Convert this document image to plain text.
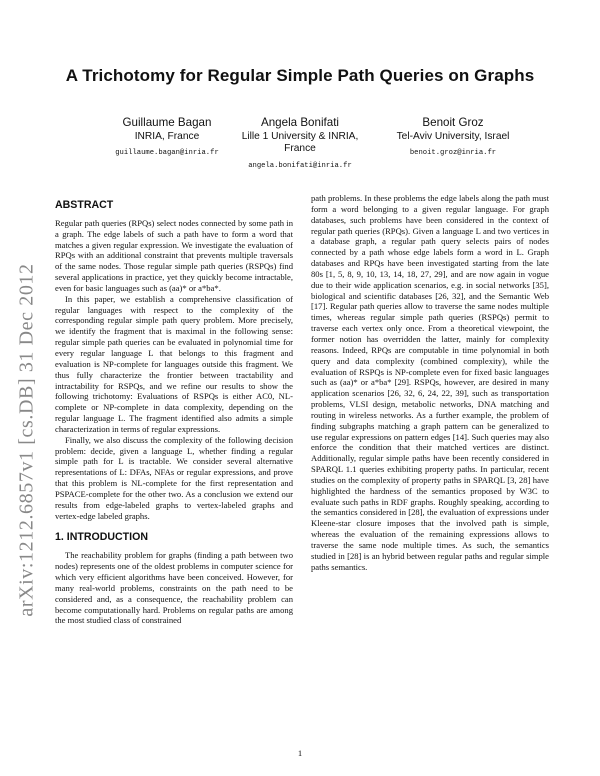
A Trichotomy for Regular Simple Path Queries on Graphs
Guillaume Bagan
INRIA, France
guillaume.bagan@inria.fr
Angela Bonifati
Lille 1 University & INRIA, France
angela.bonifati@inria.fr
Benoit Groz
Tel-Aviv University, Israel
benoit.groz@inria.fr
arXiv:1212.6857v1 [cs.DB] 31 Dec 2012
ABSTRACT

Regular path queries (RPQs) select nodes connected by some path in a graph. The edge labels of such a path have to form a word that matches a given regular expression. We investigate the evaluation of RPQs with an additional constraint that prevents multiple traversals of the same nodes. Those regular simple path queries (RSPQs) find several applications in practice, yet they quickly become intractable, even for basic languages such as (aa)* or a*ba*.

In this paper, we establish a comprehensive classification of regular languages with respect to the complexity of the corresponding regular simple path query problem. More precisely, we identify the fragment that is maximal in the following sense: regular simple path queries can be evaluated in polynomial time for every regular language L that belongs to this fragment and evaluation is NP-complete for languages outside this fragment. We thus fully characterize the frontier between tractability and intractability for RSPQs, and we refine our results to show the following trichotomy: Evaluations of RSPQs is either AC0, NL-complete or NP-complete in data complexity, depending on the regular language L. The fragment identified also admits a simple characterization in terms of regular expressions.

Finally, we also discuss the complexity of the following decision problem: decide, given a language L, whether finding a regular simple path for L is tractable. We consider several alternative representations of L: DFAs, NFAs or regular expressions, and prove that this problem is NL-complete for the first representation and PSPACE-complete for the other two. As a conclusion we extend our results from edge-labeled graphs to vertex-labeled graphs and vertex-edge labeled graphs.

1. INTRODUCTION

The reachability problem for graphs (finding a path between two nodes) represents one of the oldest problems in computer science for which very efficient algorithms have been conceived. However, for many real-world problems, constraints on the path need to be considered and, as a consequence, the reachability problem can become computationally hard. Problems on regular paths are among the most studied class of constrained

path problems. In these problems the edge labels along the path must form a word belonging to a given regular language. For graph databases, such problems have been considered in the context of regular path queries (RPQs). Given a language L and two vertices in a database graph, a regular path query selects pairs of nodes connected by a path whose edge labels form a word in L. Graph databases and RPQs have been investigated starting from the late 80s [1, 5, 8, 9, 10, 13, 14, 18, 27, 29], and are now again in vogue due to their wide application scenarios, e.g. in social networks [35], biological and scientific databases [26, 32], and the Semantic Web [17]. Regular path queries allow to traverse the same nodes multiple times, whereas regular simple path queries (RSPQs) permit to traverse each vertex only once. From a theoretical viewpoint, the former notion has overridden the latter, mainly for complexity reasons. Indeed, RPQs are computable in time polynomial in both query and data complexity (combined complexity), while the evaluation of RSPQs is NP-complete even for fixed basic languages such as (aa)* or a*ba* [29]. RSPQs, however, are desired in many application scenarios [26, 32, 6, 24, 22, 39], such as transportation problems, VLSI design, metabolic networks, DNA matching and routing in wireless networks. As a further example, the problem of finding subgraphs matching a graph pattern can be generalized to use regular expressions on pattern edges [14]. Such queries may also enforce the condition that their matched vertices are distinct. Additionally, regular simple paths have been recently considered in SPARQL 1.1 queries exhibiting property paths. In particular, recent studies on the complexity of property paths in SPARQL [3, 28] have highlighted the hardness of the semantics proposed by W3C to evaluate such paths in RDF graphs. Roughly speaking, according to the semantics considered in [28], the evaluation of expressions under Kleene-star closure imposes that the involved path is simple, whereas the evaluation of the remaining expressions allows to traverse the same node multiple times. As such, the semantics studied in [28] is an hybrid between regular paths and regular simple paths semantics.

1
